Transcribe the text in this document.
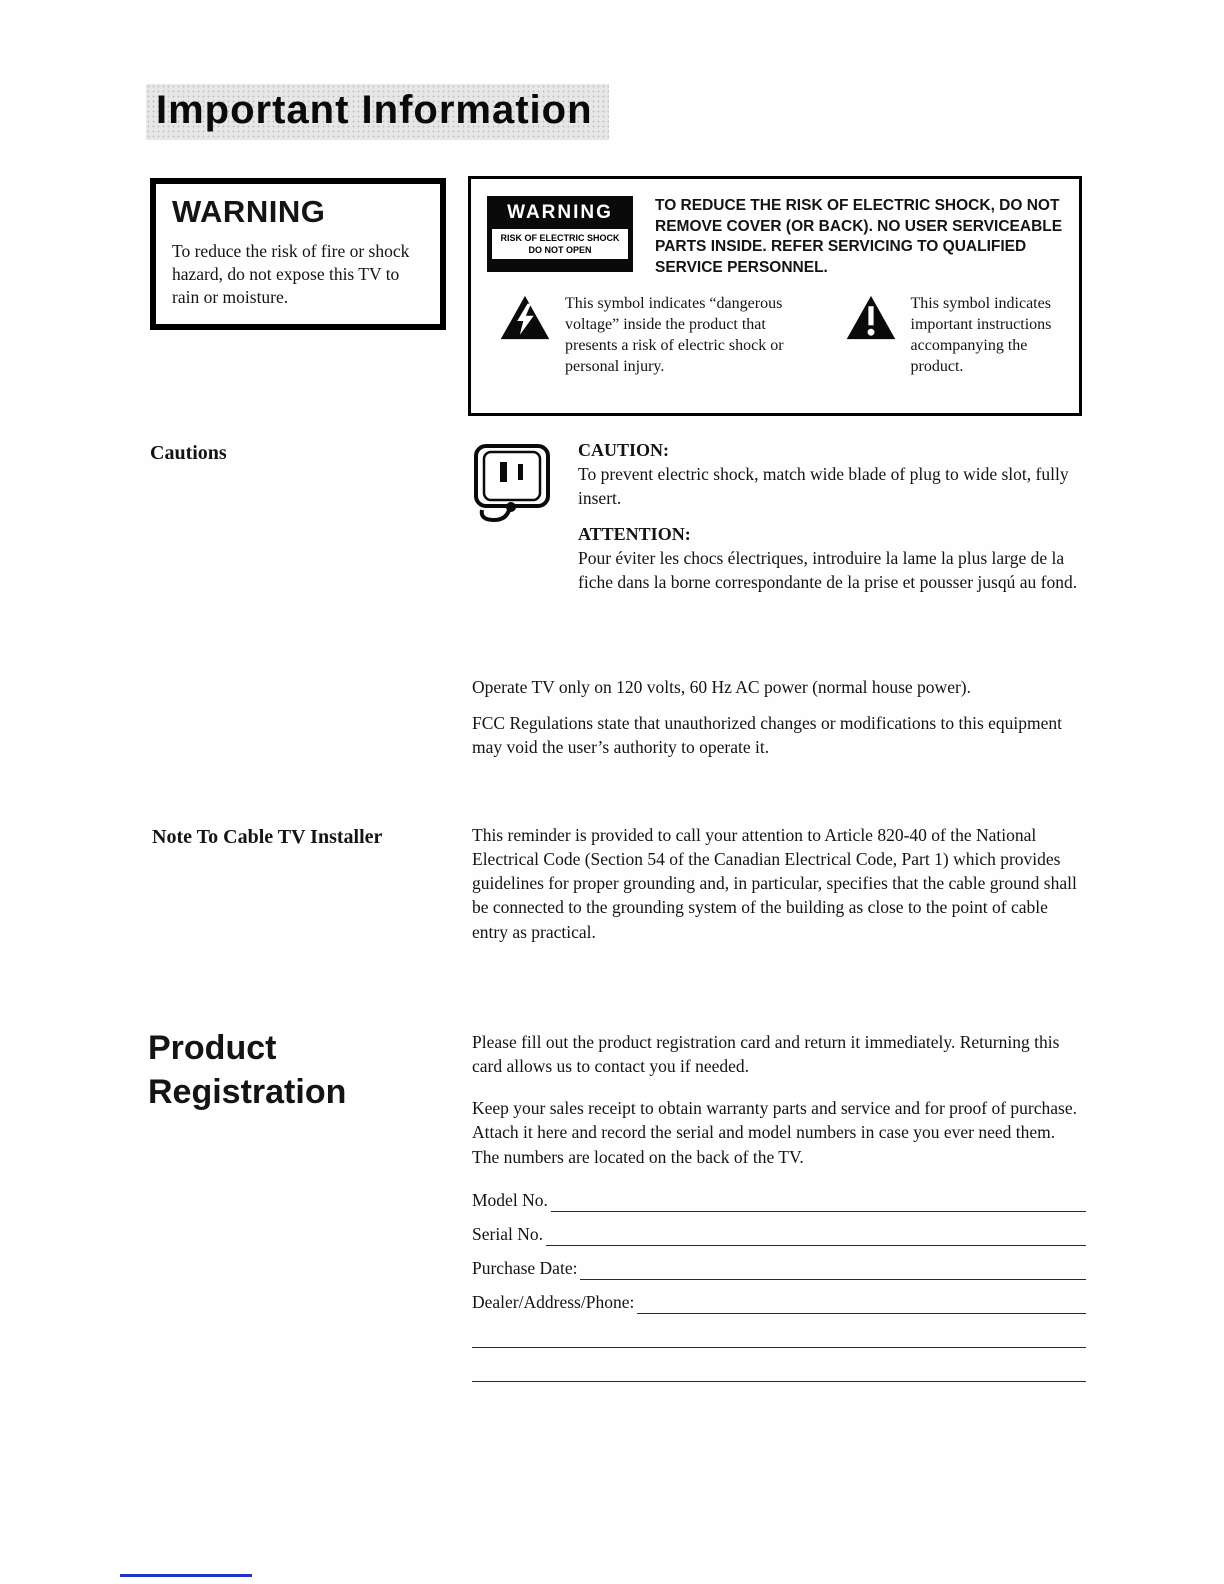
Important Information
WARNING

To reduce the risk of fire or shock hazard, do not expose this TV to rain or moisture.

WARNING
RISK OF ELECTRIC SHOCK
DO NOT OPEN

TO REDUCE THE RISK OF ELECTRIC SHOCK, DO NOT REMOVE COVER (OR BACK). NO USER SERVICEABLE PARTS INSIDE. REFER SERVICING TO QUALIFIED SERVICE PERSONNEL.

This symbol indicates “dangerous voltage” inside the product that presents a risk of electric shock or personal injury.

This symbol indicates important instructions accompanying the product.

Cautions	CAUTION:

To prevent electric shock, match wide blade of plug to wide slot, fully insert.

ATTENTION:

Pour éviter les chocs électriques, introduire la lame la plus large de la fiche dans la borne correspondante de la prise et pousser jusqú au fond.

Operate TV only on 120 volts, 60 Hz AC power (normal house power).

FCC Regulations state that unauthorized changes or modifications to this equipment may void the user’s authority to operate it.

Note To Cable TV Installer	This reminder is provided to call your attention to Article 820-40 of the National Electrical Code (Section 54 of the Canadian Electrical Code, Part 1) which provides guidelines for proper grounding and, in particular, specifies that the cable ground shall be connected to the grounding system of the building as close to the point of cable entry as practical.

Product
Registration

Please fill out the product registration card and return it immediately. Returning this card allows us to contact you if needed.

Keep your sales receipt to obtain warranty parts and service and for proof of purchase. Attach it here and record the serial and model numbers in case you ever need them. The numbers are located on the back of the TV.

Model No.
Serial No.
Purchase Date:
Dealer/Address/Phone:
